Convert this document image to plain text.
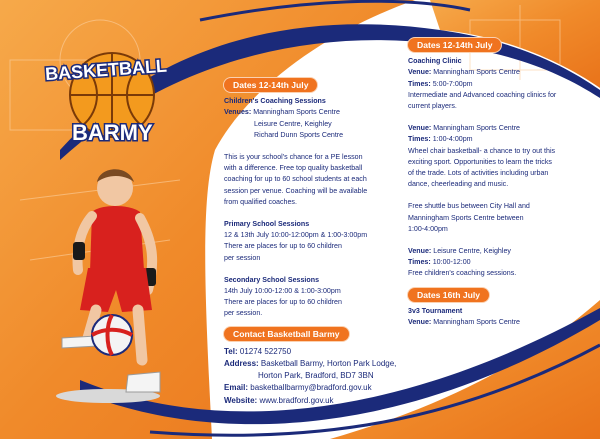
BASKETBALL
BARMY
Dates 12-14th July

Children's Coaching Sessions

Venues: Manningham Sports Centre

Leisure Centre, Keighley

Richard Dunn Sports Centre

This is your school's chance for a PE lesson

with a difference. Free top quality basketball

coaching for up to 60 school students at each

session per venue. Coaching will be available

from qualified coaches.

Primary School Sessions

12 & 13th July 10:00-12:00pm & 1:00-3:00pm

There are places for up to 60 children

per session

Secondary School Sessions

14th July 10:00-12:00 & 1:00-3:00pm

There are places for up to 60 children

per session.

Contact Basketball Barmy

Tel: 01274 522750

Address: Basketball Barmy, Horton Park Lodge,

Horton Park, Bradford, BD7 3BN

Email: basketballbarmy@bradford.gov.uk

Website: www.bradford.gov.uk

Dates 12-14th July

Coaching Clinic

Venue: Manningham Sports Centre

Times: 5:00-7:00pm

Intermediate and Advanced coaching clinics for

current players.

Venue: Manningham Sports Centre

Times: 1:00-4:00pm

Wheel chair basketball- a chance to try out this

exciting sport. Opportunities to learn the tricks

of the trade. Lots of activities including urban

dance, cheerleading and music.

Free shuttle bus between City Hall and

Manningham Sports Centre between

1:00-4:00pm

Venue: Leisure Centre, Keighley

Times: 10:00-12:00

Free children's coaching sessions.

Dates 16th July

3v3 Tournament

Venue: Manningham Sports Centre
